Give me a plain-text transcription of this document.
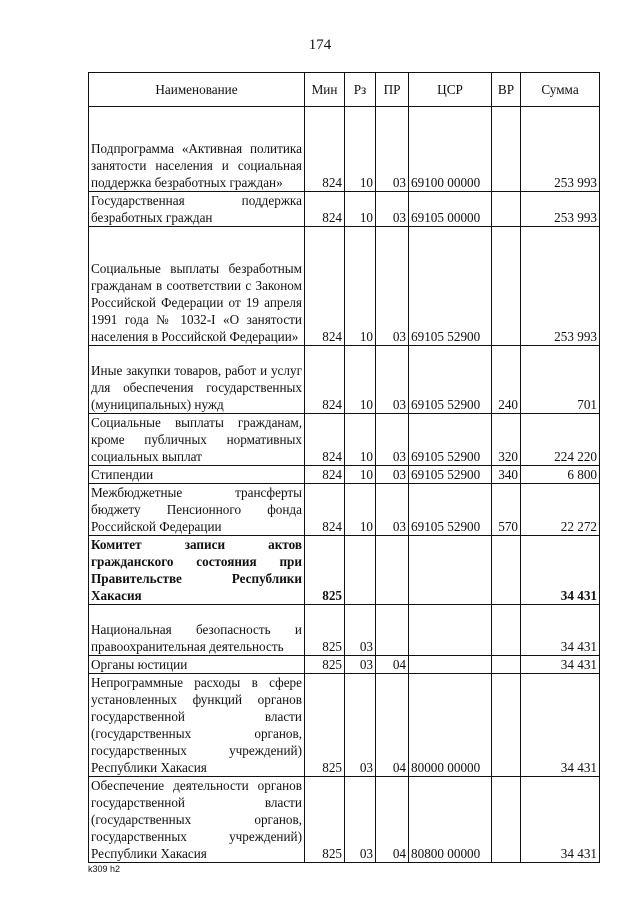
174
Наименование	Мин	Рз	ПР	ЦСР	ВР	Сумма
Подпрограмма «Активная политика занятости населения и социальная поддержка безработных граждан»	824	10	03	69100 00000		253 993
Государственная поддержка безработных граждан	824	10	03	69105 00000		253 993
Социальные выплаты безработным гражданам в соответствии с Законом Российской Федерации от 19 апреля 1991 года № 1032-I «О занятости населения в Российской Федерации»	824	10	03	69105 52900		253 993
Иные закупки товаров, работ и услуг для обеспечения государственных (муниципальных) нужд	824	10	03	69105 52900	240	701
Социальные выплаты гражданам, кроме публичных нормативных социальных выплат	824	10	03	69105 52900	320	224 220
Стипендии	824	10	03	69105 52900	340	6 800
Межбюджетные трансферты бюджету Пенсионного фонда Российской Федерации	824	10	03	69105 52900	570	22 272
Комитет записи актов гражданского состояния при Правительстве Республики Хакасия	825					34 431
Национальная безопасность и правоохранительная деятельность	825	03				34 431
Органы юстиции	825	03	04			34 431
Непрограммные расходы в сфере установленных функций органов государственной власти (государственных органов, государственных учреждений) Республики Хакасия	825	03	04	80000 00000		34 431
Обеспечение деятельности органов государственной власти (государственных органов, государственных учреждений) Республики Хакасия	825	03	04	80800 00000		34 431
k309 h2
